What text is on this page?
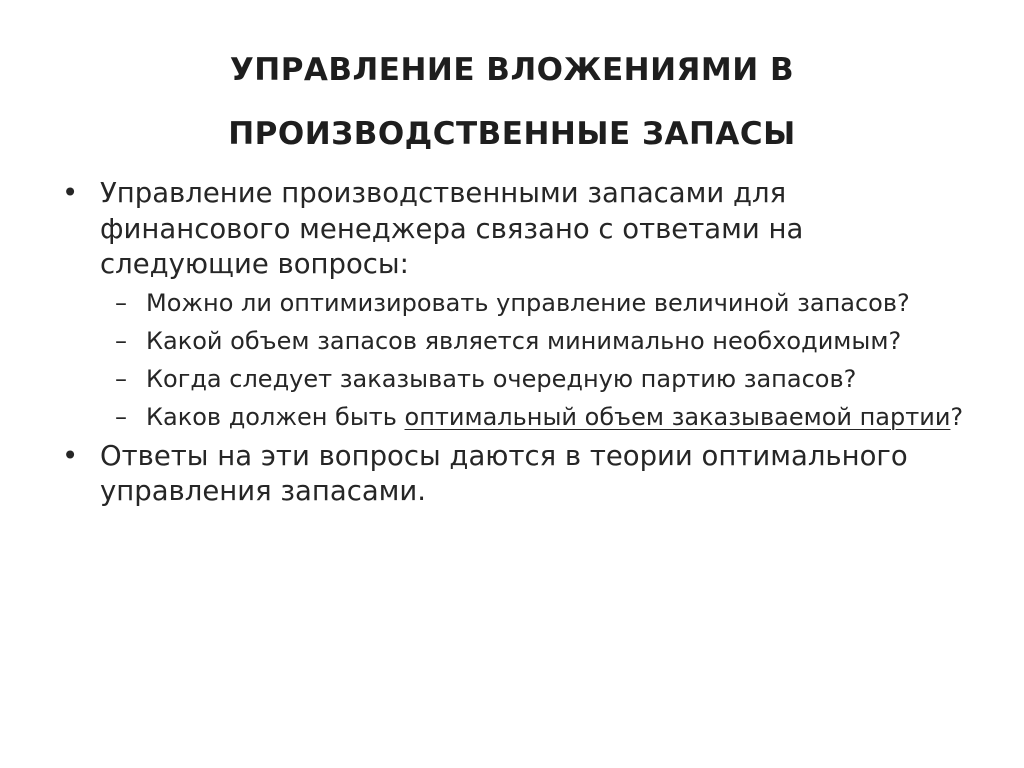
УПРАВЛЕНИЕ ВЛОЖЕНИЯМИ В
ПРОИЗВОДСТВЕННЫЕ ЗАПАСЫ
• Управление производственными запасами для финансового менеджера связано с ответами на следующие вопросы:
– Можно ли оптимизировать управление величиной запасов?
– Какой объем запасов является минимально необходимым?
– Когда следует заказывать очередную партию запасов?
– Каков должен быть оптимальный объем заказываемой партии?
• Ответы на эти вопросы даются в теории оптимального управления запасами.
